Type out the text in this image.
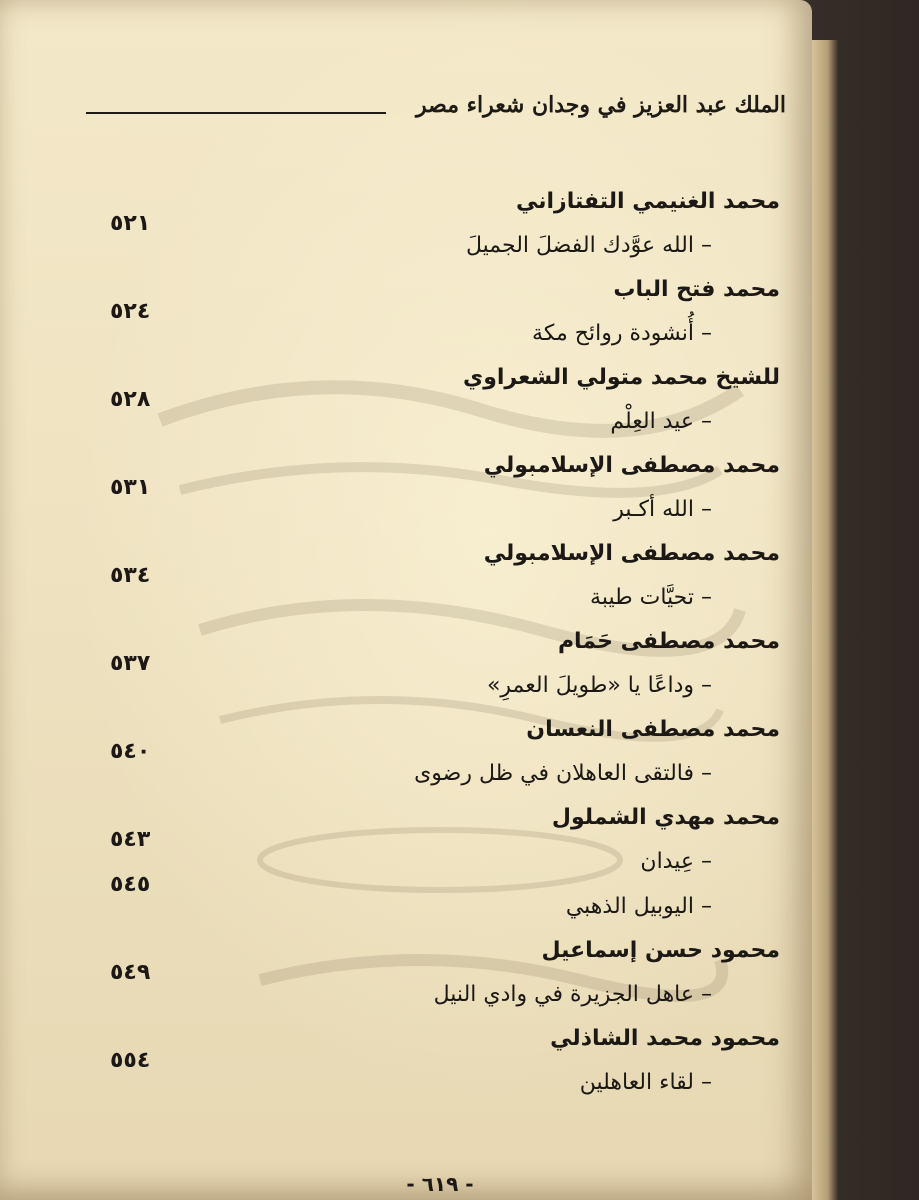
الملك عبد العزيز في وجدان شعراء مصر
محمد الغنيمي التفتازاني
– الله عوَّدك الفضلَ الجميلَ
٥٢١
محمد فتح الباب
– أُنشودة روائح مكة
٥٢٤
للشيخ محمد متولي الشعراوي
– عيد العِلْم
٥٢٨
محمد مصطفى الإسلامبولي
– الله أكـبر
٥٣١
محمد مصطفى الإسلامبولي
– تحيَّات طيبة
٥٣٤
محمد مصطفى حَمَام
– وداعًا يا «طويلَ العمرِ»
٥٣٧
محمد مصطفى النعسان
– فالتقى العاهلان في ظل رضوى
٥٤٠
محمد مهدي الشملول
– عِيدان
٥٤٣
– اليوبيل الذهبي
٥٤٥
محمود حسن إسماعيل
– عاهل الجزيرة في وادي النيل
٥٤٩
محمود محمد الشاذلي
– لقاء العاهلين
٥٥٤
- ٦١٩ -
